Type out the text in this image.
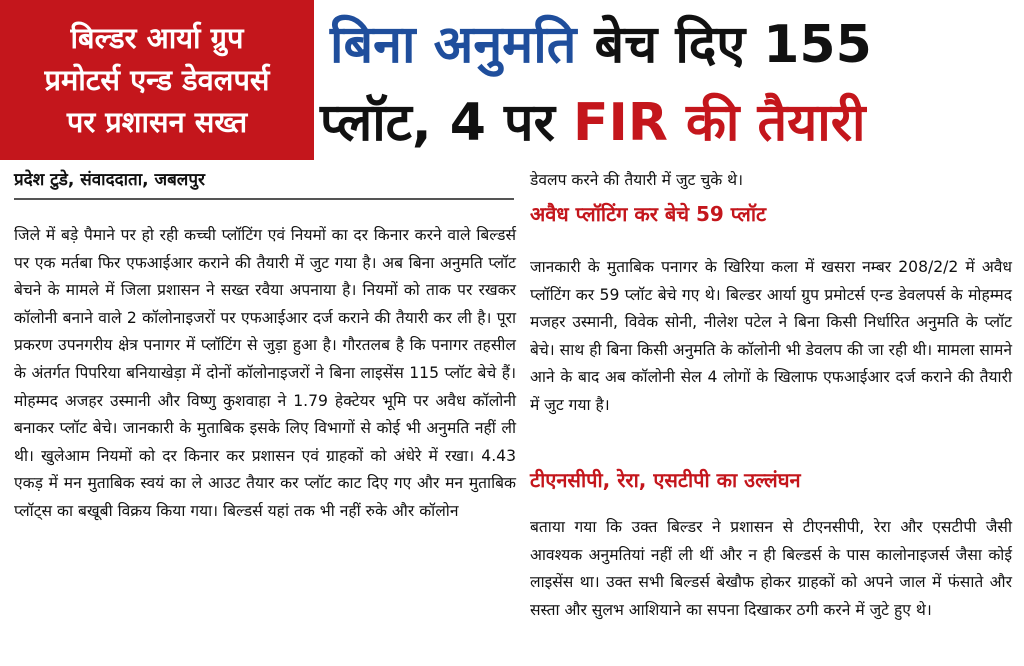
बिल्डर आर्या ग्रुप
प्रमोटर्स एन्ड डेवलपर्स
पर प्रशासन सख्त
बिना अनुमति बेच दिए 155
प्लॉट, 4 पर FIR की तैयारी
प्रदेश टुडे, संवाददाता, जबलपुर
जिले में बड़े पैमाने पर हो रही कच्ची प्लॉटिंग एवं नियमों का दर किनार करने वाले बिल्डर्स पर एक मर्तबा फिर एफआईआर कराने की तैयारी में जुट गया है। अब बिना अनुमति प्लॉट बेचने के मामले में जिला प्रशासन ने सख्त रवैया अपनाया है। नियमों को ताक पर रखकर कॉलोनी बनाने वाले 2 कॉलोनाइजरों पर एफआईआर दर्ज कराने की तैयारी कर ली है। पूरा प्रकरण उपनगरीय क्षेत्र पनागर में प्लॉटिंग से जुड़ा हुआ है। गौरतलब है कि पनागर तहसील के अंतर्गत पिपरिया बनियाखेड़ा में दोनों कॉलोनाइजरों ने बिना लाइसेंस 115 प्लॉट बेचे हैं। मोहम्मद अजहर उस्मानी और विष्णु कुशवाहा ने 1.79 हेक्टेयर भूमि पर अवैध कॉलोनी बनाकर प्लॉट बेचे। जानकारी के मुताबिक इसके लिए विभागों से कोई भी अनुमति नहीं ली थी। खुलेआम नियमों को दर किनार कर प्रशासन एवं ग्राहकों को अंधेरे में रखा। 4.43 एकड़ में मन मुताबिक स्वयं का ले आउट तैयार कर प्लॉट काट दिए गए और मन मुताबिक प्लॉट्स का बखूबी विक्रय किया गया। बिल्डर्स यहां तक भी नहीं रुके और कॉलोन
डेवलप करने की तैयारी में जुट चुके थे।
अवैध प्लॉटिंग कर बेचे 59 प्लॉट
जानकारी के मुताबिक पनागर के खिरिया कला में खसरा नम्बर 208/2/2 में अवैध प्लॉटिंग कर 59 प्लॉट बेचे गए थे। बिल्डर आर्या ग्रुप प्रमोटर्स एन्ड डेवलपर्स के मोहम्मद मजहर उस्मानी, विवेक सोनी, नीलेश पटेल ने बिना किसी निर्धारित अनुमति के प्लॉट बेचे। साथ ही बिना किसी अनुमति के कॉलोनी भी डेवलप की जा रही थी। मामला सामने आने के बाद अब कॉलोनी सेल 4 लोगों के खिलाफ एफआईआर दर्ज कराने की तैयारी में जुट गया है।
टीएनसीपी, रेरा, एसटीपी का उल्लंघन
बताया गया कि उक्त बिल्डर ने प्रशासन से टीएनसीपी, रेरा और एसटीपी जैसी आवश्यक अनुमतियां नहीं ली थीं और न ही बिल्डर्स के पास कालोनाइजर्स जैसा कोई लाइसेंस था। उक्त सभी बिल्डर्स बेखौफ होकर ग्राहकों को अपने जाल में फंसाते और सस्ता और सुलभ आशियाने का सपना दिखाकर ठगी करने में जुटे हुए थे।
